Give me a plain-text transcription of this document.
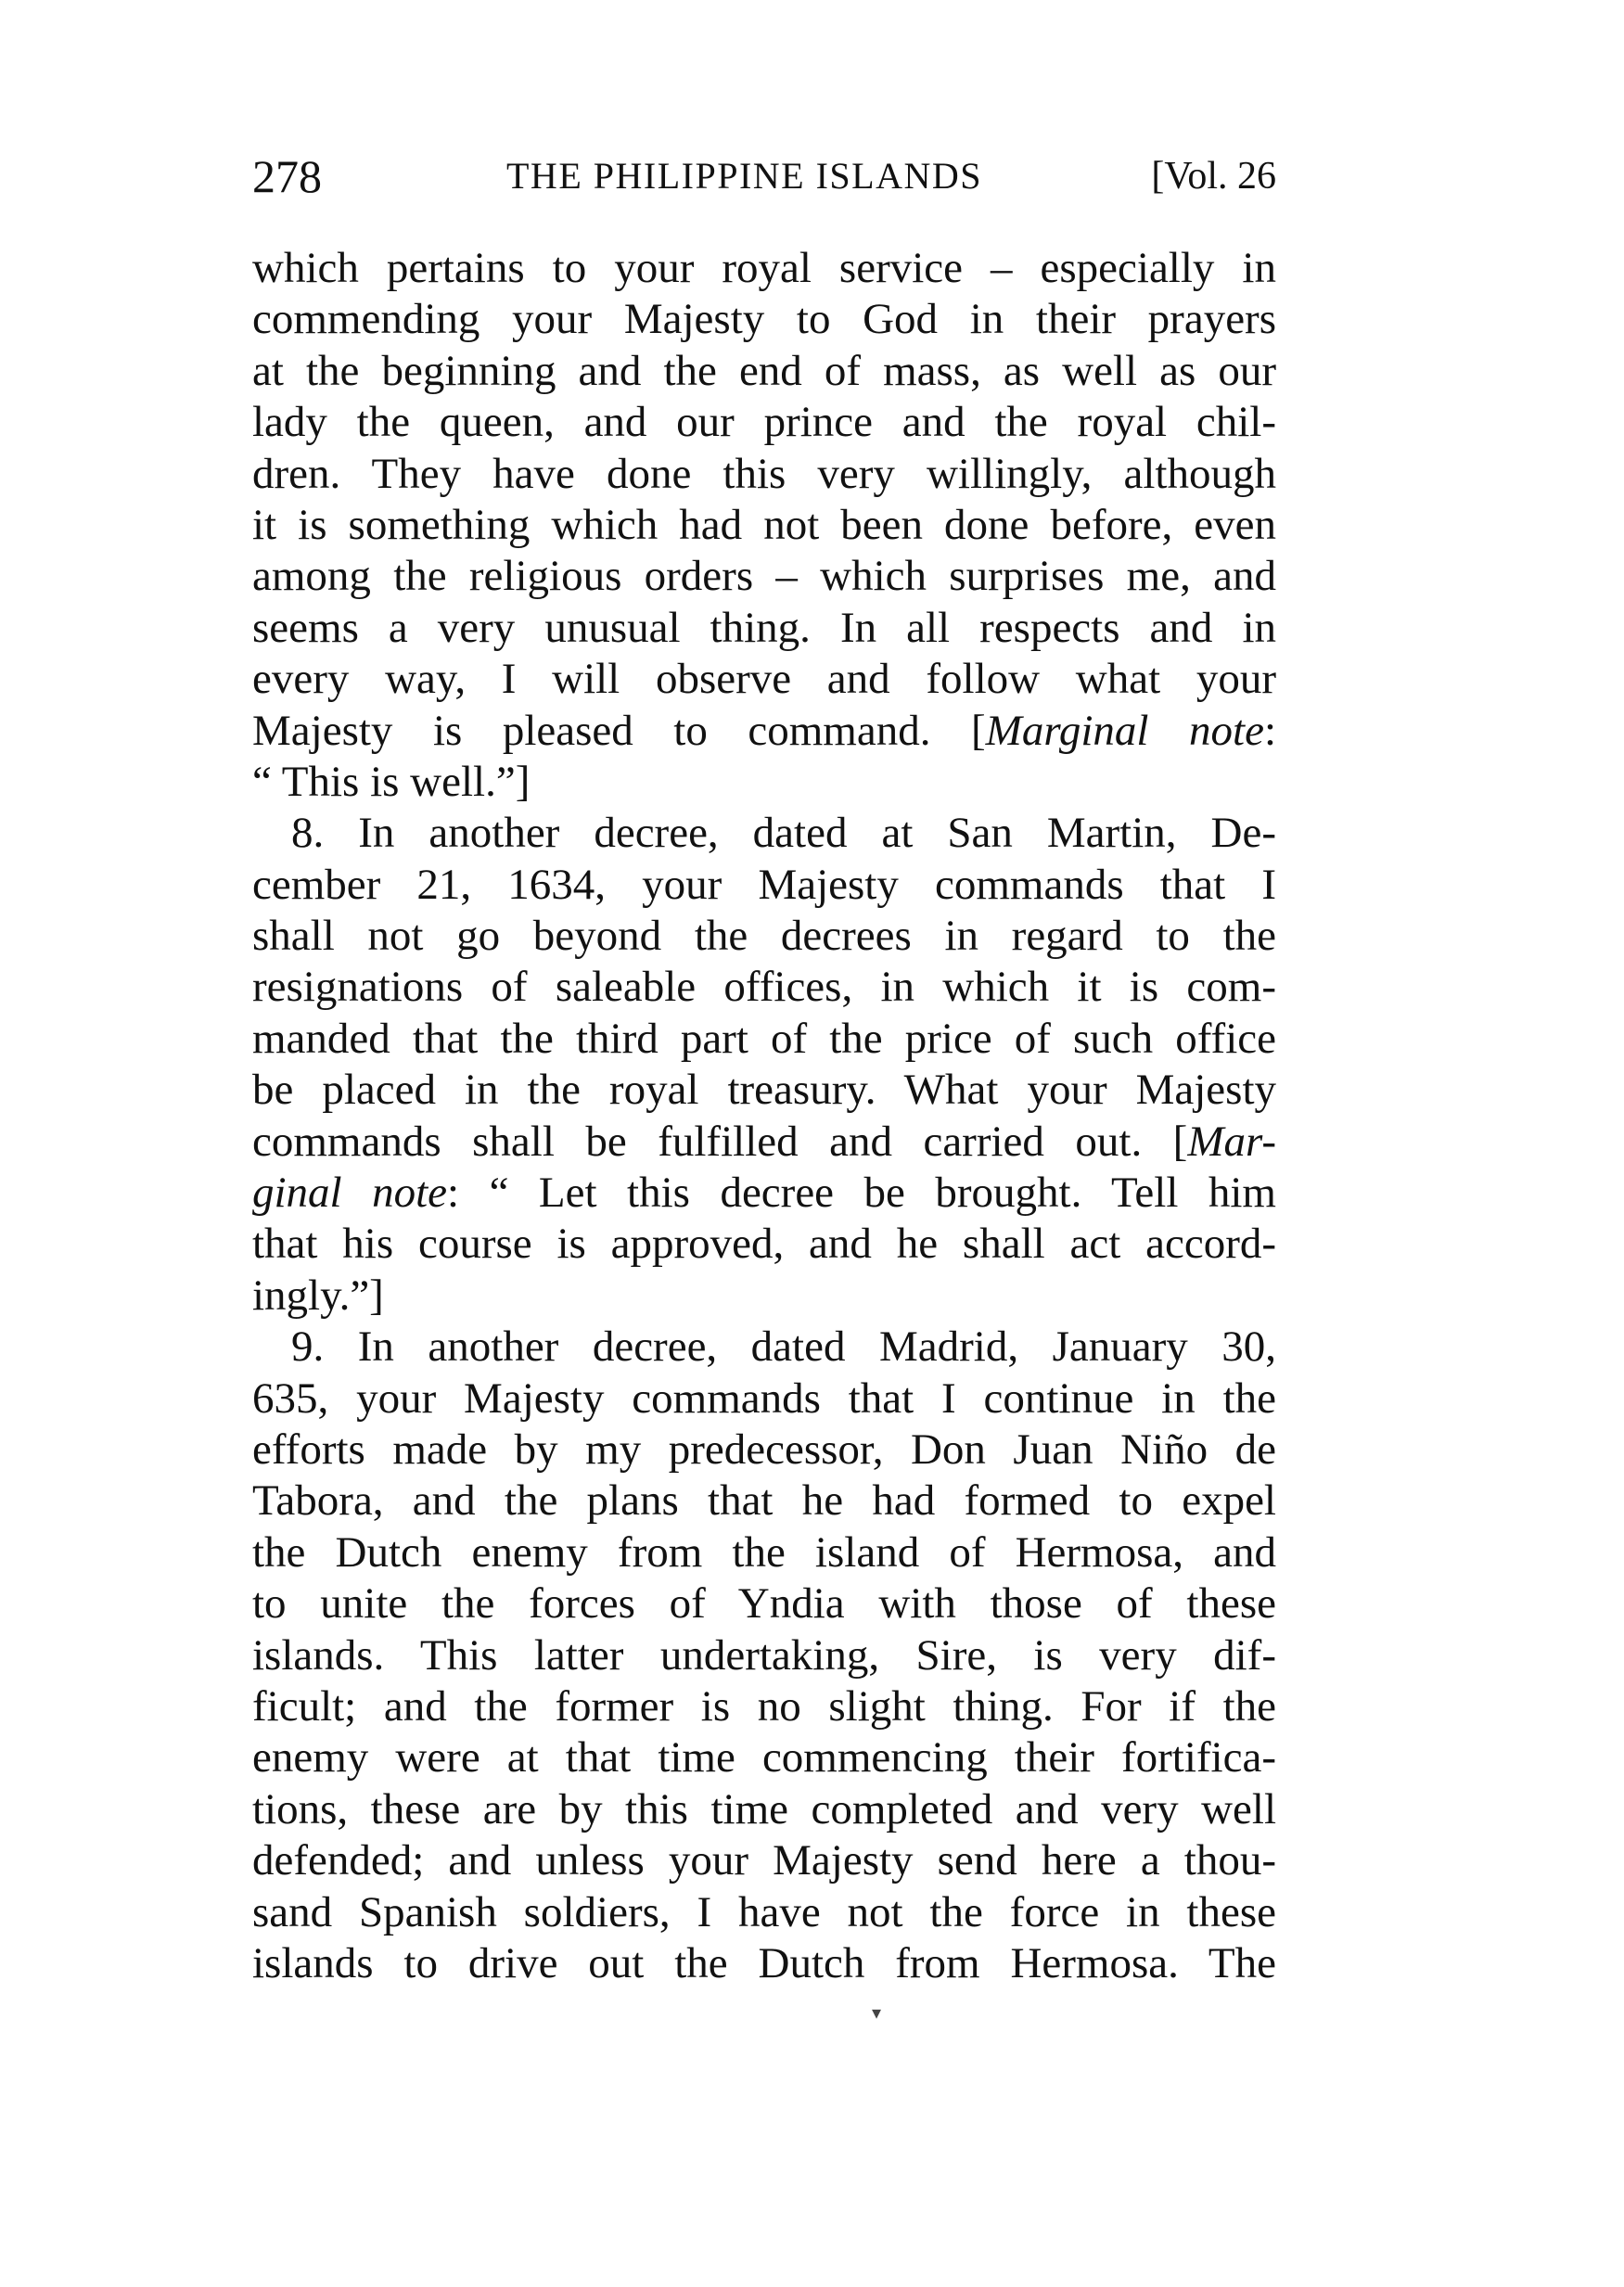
278	THE PHILIPPINE ISLANDS	[Vol. 26
which pertains to your royal service – especially in
commending your Majesty to God in their prayers
at the beginning and the end of mass, as well as our
lady the queen, and our prince and the royal chil-
dren. They have done this very willingly, although
it is something which had not been done before, even
among the religious orders – which surprises me, and
seems a very unusual thing. In all respects and in
every way, I will observe and follow what your
Majesty is pleased to command. [Marginal note:
“ This is well.”]
8. In another decree, dated at San Martin, De-
cember 21, 1634, your Majesty commands that I
shall not go beyond the decrees in regard to the
resignations of saleable offices, in which it is com-
manded that the third part of the price of such office
be placed in the royal treasury. What your Majesty
commands shall be fulfilled and carried out. [Mar-
ginal note: “ Let this decree be brought. Tell him
that his course is approved, and he shall act accord-
ingly.”]
9. In another decree, dated Madrid, January 30,
635, your Majesty commands that I continue in the
efforts made by my predecessor, Don Juan Niño de
Tabora, and the plans that he had formed to expel
the Dutch enemy from the island of Hermosa, and
to unite the forces of Yndia with those of these
islands. This latter undertaking, Sire, is very dif-
ficult; and the former is no slight thing. For if the
enemy were at that time commencing their fortifica-
tions, these are by this time completed and very well
defended; and unless your Majesty send here a thou-
sand Spanish soldiers, I have not the force in these
islands to drive out the Dutch from Hermosa. The
▾
